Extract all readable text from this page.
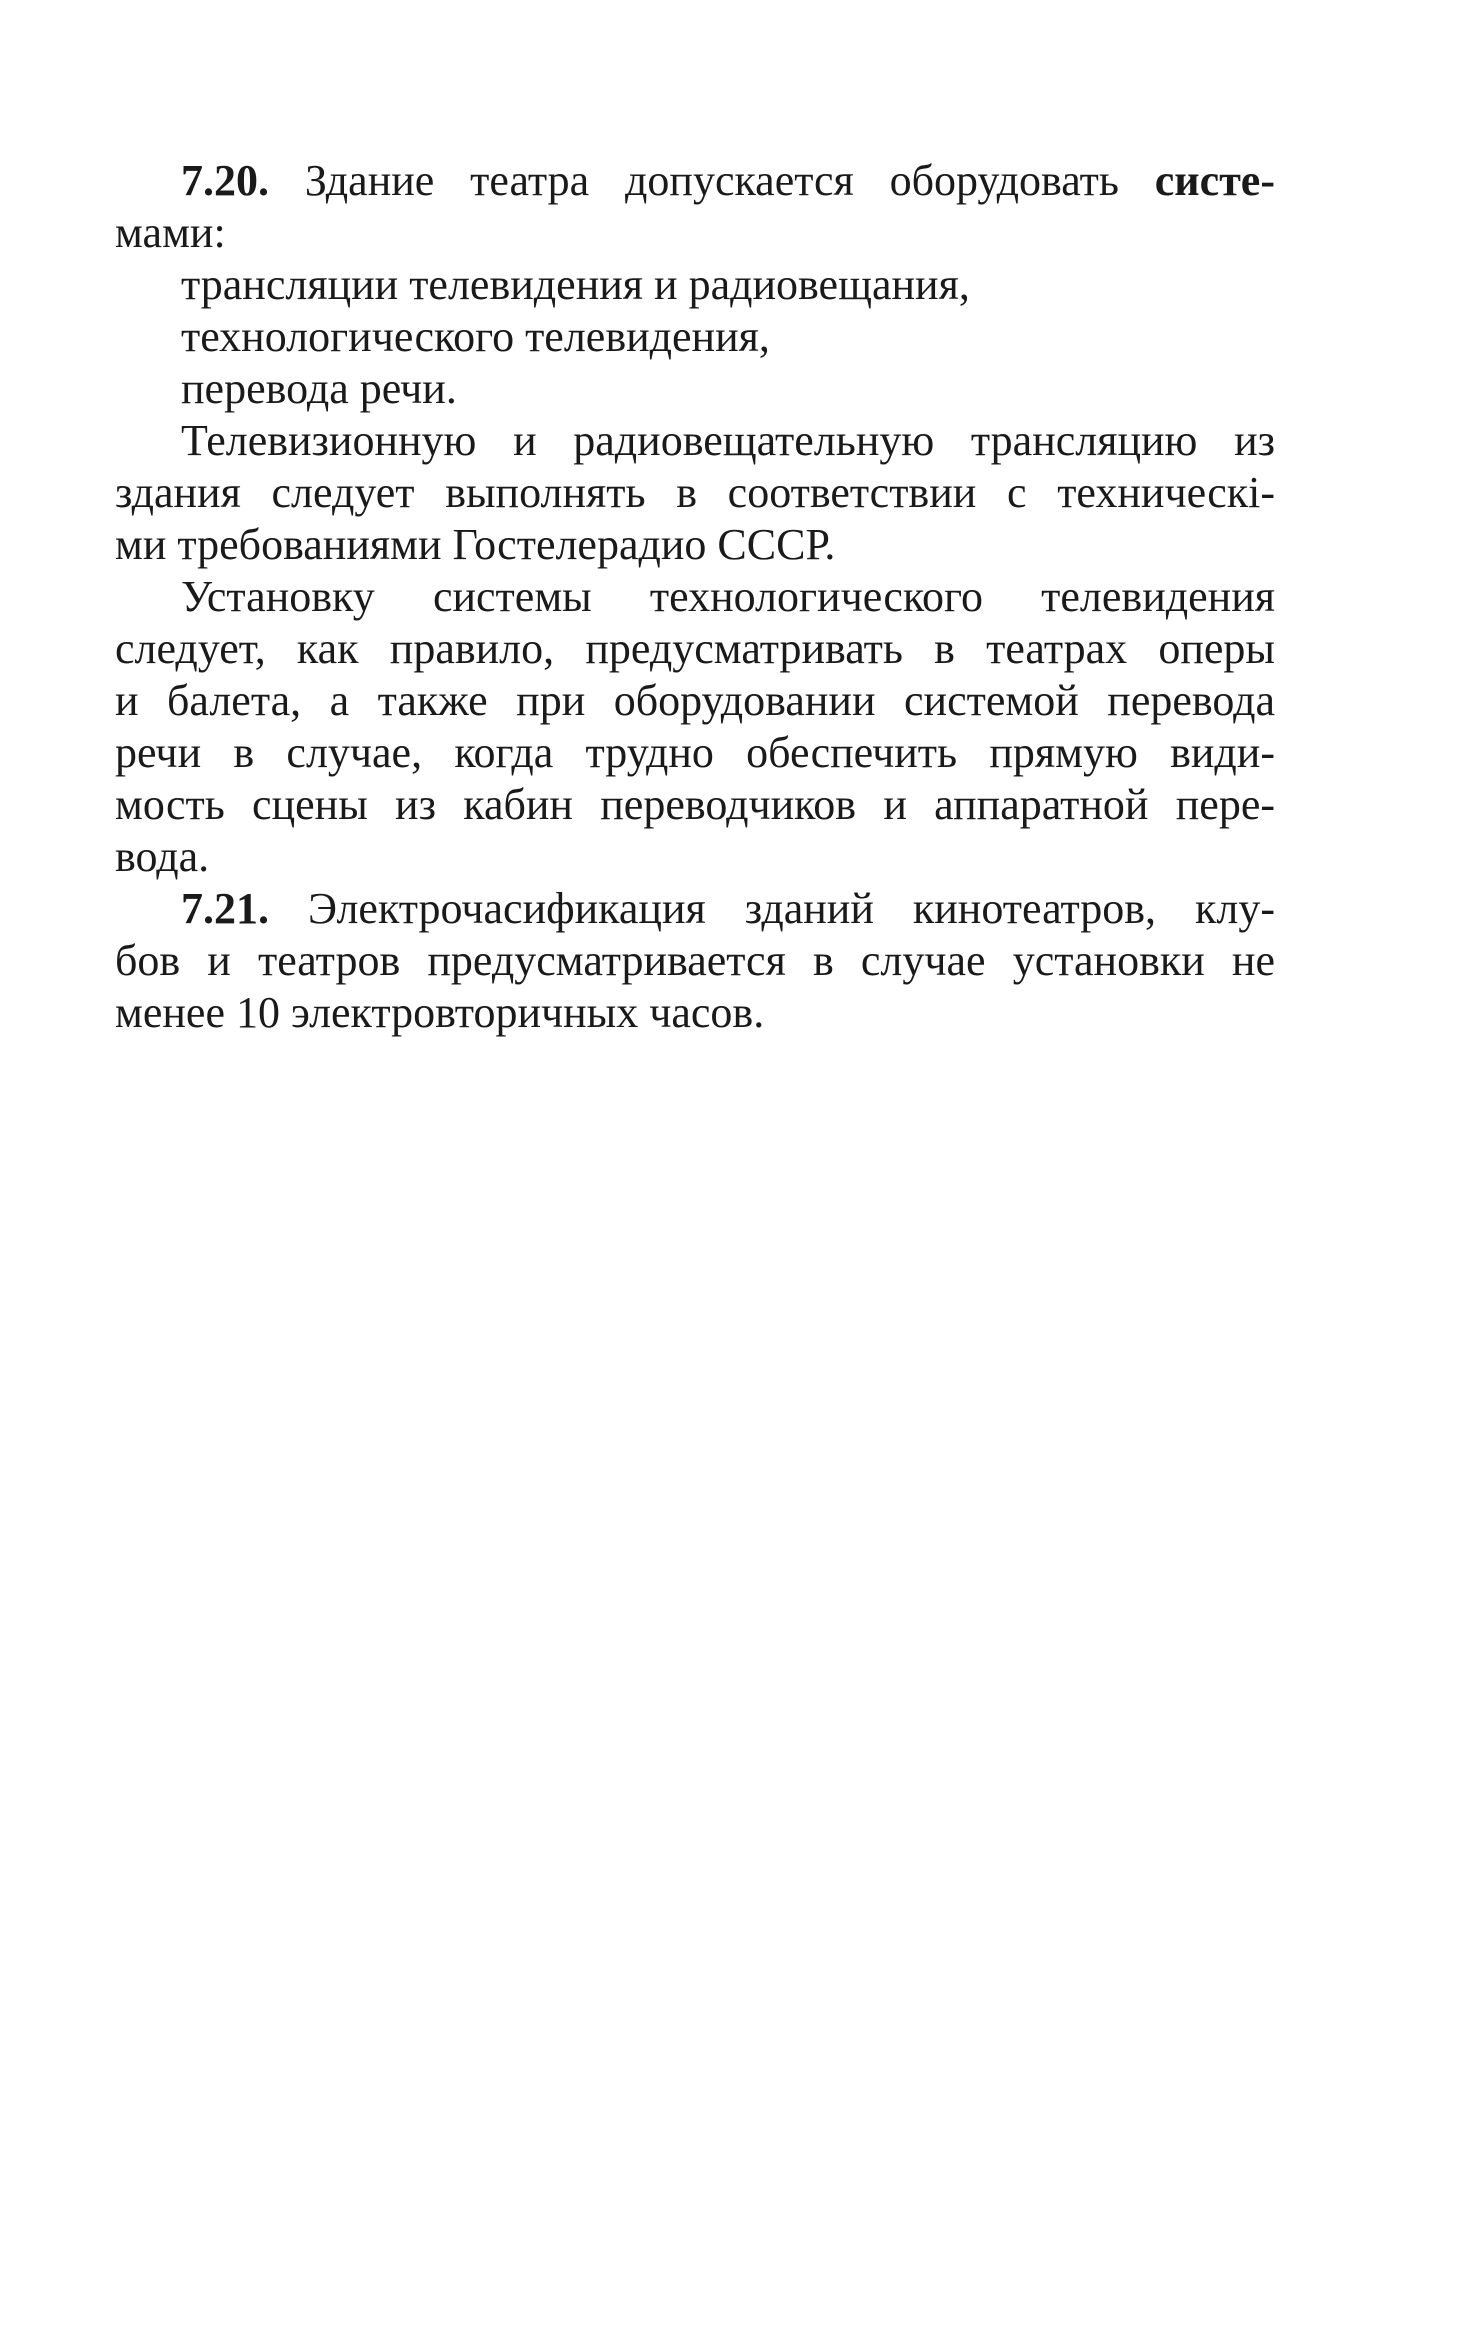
7.20. Здание театра допускается оборудовать систе-
мами:
трансляции телевидения и радиовещания,
технологического телевидения,
перевода речи.
Телевизионную и радиовещательную трансляцию из
здания следует выполнять в соответствии с техническі-
ми требованиями Гостелерадио СССР.
Установку системы технологического телевидения
следует, как правило, предусматривать в театрах оперы
и балета, а также при оборудовании системой перевода
речи в случае, когда трудно обеспечить прямую види-
мость сцены из кабин переводчиков и аппаратной пере-
вода.
7.21. Электрочасификация зданий кинотеатров, клу-
бов и театров предусматривается в случае установки не
менее 10 электровторичных часов.
